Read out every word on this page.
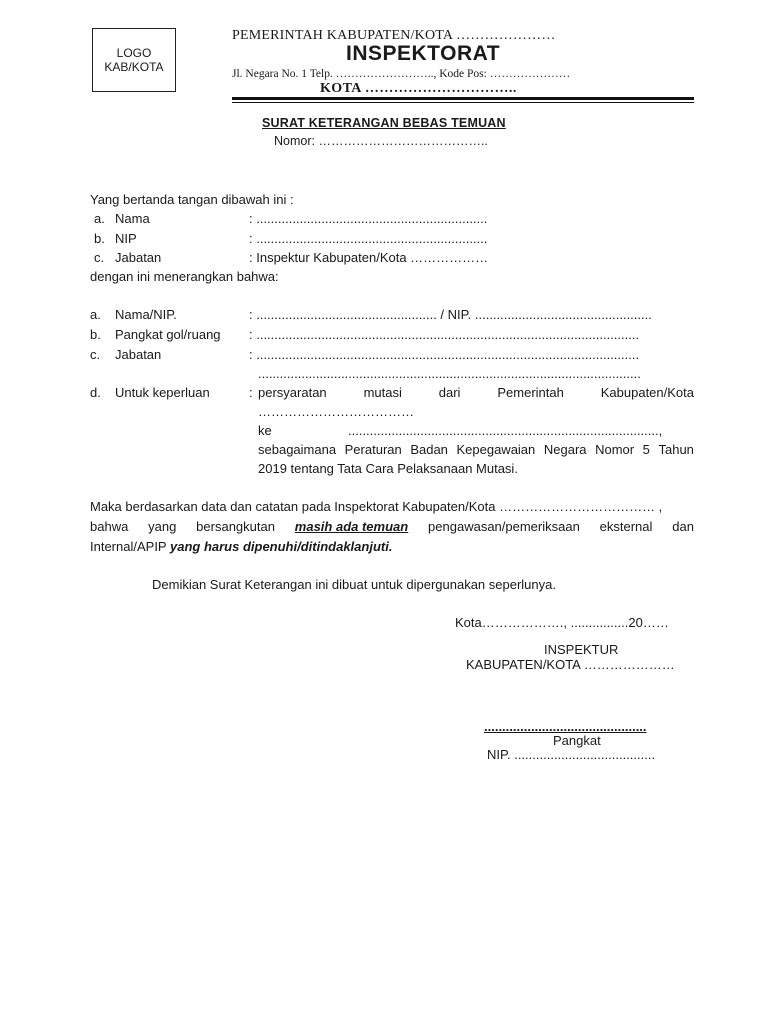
LOGO
KAB/KOTA
PEMERINTAH KABUPATEN/KOTA …………………
INSPEKTORAT
Jl. Negara No. 1 Telp. …………………….., Kode Pos: …………………
KOTA …………………………..
SURAT KETERANGAN BEBAS TEMUAN
Nomor: …………………………………..
Yang bertanda tangan dibawah ini :
a. Nama	: ................................................................
b. NIP	: ................................................................
c. Jabatan	: Inspektur Kabupaten/Kota ………………
dengan ini menerangkan bahwa:
a. Nama/NIP.	: .................................................. / NIP. .................................................
b. Pangkat gol/ruang : ..........................................................................................................
c. Jabatan	: ..........................................................................................................
..........................................................................................................
d. Untuk keperluan	: persyaratan	mutasi	dari	Pemerintah	Kabupaten/Kota
………………………………
ke	......................................................................................,
sebagaimana Peraturan Badan Kepegawaian Negara Nomor 5 Tahun
2019 tentang Tata Cara Pelaksanaan Mutasi.
Maka berdasarkan data dan catatan pada Inspektorat Kabupaten/Kota ……………………………… ,
bahwa yang bersangkutan masih ada temuan pengawasan/pemeriksaan eksternal dan
Internal/APIP yang harus dipenuhi/ditindaklanjuti.
Demikian Surat Keterangan ini dibuat untuk dipergunakan seperlunya.
Kota………………., ................20……
INSPEKTUR
KABUPATEN/KOTA …………………
.............................................
Pangkat
NIP. .......................................
